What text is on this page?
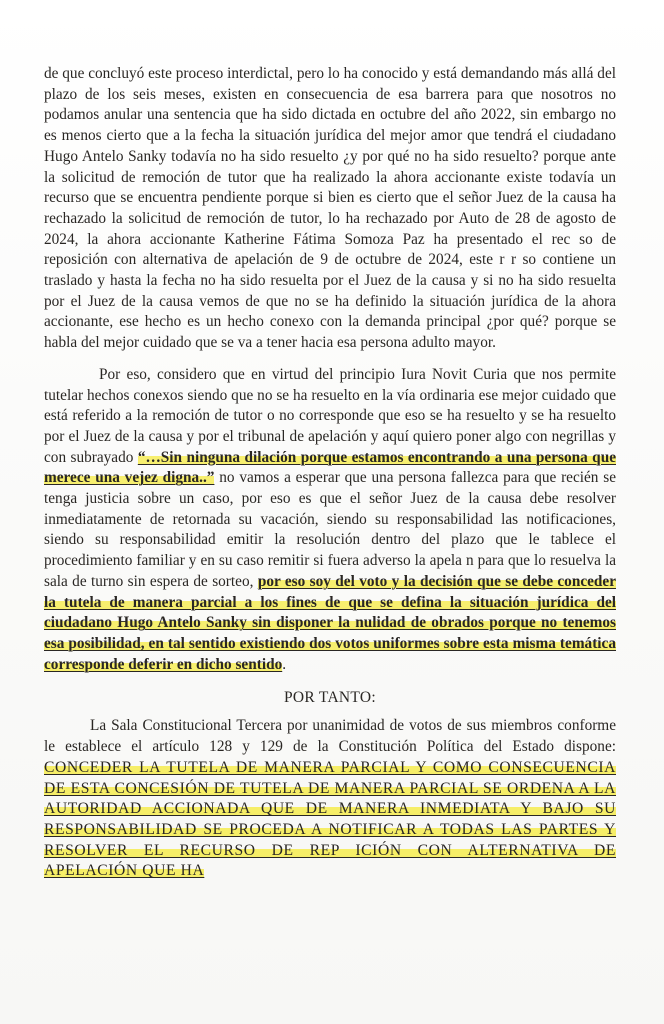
de que concluyó este proceso interdictal, pero lo ha conocido y está demandando más allá del plazo de los seis meses, existen en consecuencia de esa barrera para que nosotros no podamos anular una sentencia que ha sido dictada en octubre del año 2022, sin embargo no es menos cierto que a la fecha la situación jurídica del mejor amor que tendrá el ciudadano Hugo Antelo Sanky todavía no ha sido resuelto ¿y por qué no ha sido resuelto? porque ante la solicitud de remoción de tutor que ha realizado la ahora accionante existe todavía un recurso que se encuentra pendiente porque si bien es cierto que el señor Juez de la causa ha rechazado la solicitud de remoción de tutor, lo ha rechazado por Auto de 28 de agosto de 2024, la ahora accionante Katherine Fátima Somoza Paz ha presentado el rec so de reposición con alternativa de apelación de 9 de octubre de 2024, este r r so contiene un traslado y hasta la fecha no ha sido resuelta por el Juez de la causa y si no ha sido resuelta por el Juez de la causa vemos de que no se ha definido la situación jurídica de la ahora accionante, ese hecho es un hecho conexo con la demanda principal ¿por qué? porque se habla del mejor cuidado que se va a tener hacia esa persona adulto mayor.

Por eso, considero que en virtud del principio Iura Novit Curia que nos permite tutelar hechos conexos siendo que no se ha resuelto en la vía ordinaria ese mejor cuidado que está referido a la remoción de tutor o no corresponde que eso se ha resuelto y se ha resuelto por el Juez de la causa y por el tribunal de apelación y aquí quiero poner algo con negrillas y con subrayado “…Sin ninguna dilación porque estamos encontrando a una persona que merece una vejez digna..” no vamos a esperar que una persona fallezca para que recién se tenga justicia sobre un caso, por eso es que el señor Juez de la causa debe resolver inmediatamente de retornada su vacación, siendo su responsabilidad las notificaciones, siendo su responsabilidad emitir la resolución dentro del plazo que le tablece el procedimiento familiar y en su caso remitir si fuera adverso la apela n para que lo resuelva la sala de turno sin espera de sorteo, por eso soy del voto y la decisión que se debe conceder la tutela de manera parcial a los fines de que se defina la situación jurídica del ciudadano Hugo Antelo Sanky sin disponer la nulidad de obrados porque no tenemos esa posibilidad, en tal sentido existiendo dos votos uniformes sobre esta misma temática corresponde deferir en dicho sentido.

POR TANTO:

La Sala Constitucional Tercera por unanimidad de votos de sus miembros conforme le establece el artículo 128 y 129 de la Constitución Política del Estado dispone: CONCEDER LA TUTELA DE MANERA PARCIAL Y COMO CONSECUENCIA DE ESTA CONCESIÓN DE TUTELA DE MANERA PARCIAL SE ORDENA A LA AUTORIDAD ACCIONADA QUE DE MANERA INMEDIATA Y BAJO SU RESPONSABILIDAD SE PROCEDA A NOTIFICAR A TODAS LAS PARTES Y RESOLVER EL RECURSO DE REP ICIÓN CON ALTERNATIVA DE APELACIÓN QUE HA
